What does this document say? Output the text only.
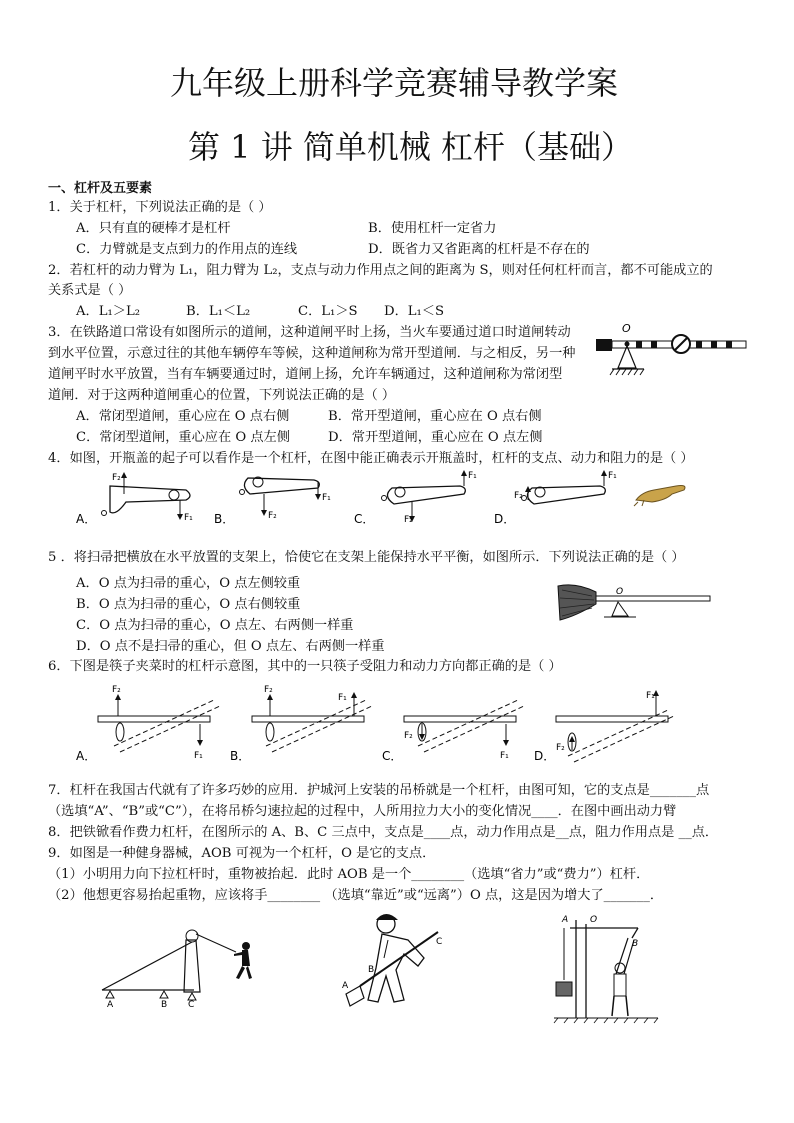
九年级上册科学竞赛辅导教学案
第 1 讲 简单机械 杠杆（基础）
一、杠杆及五要素
1．关于杠杆，下列说法正确的是（ ）
A．只有直的硬棒才是杠杆	B．使用杠杆一定省力
C．力臂就是支点到力的作用点的连线	D．既省力又省距离的杠杆是不存在的
2．若杠杆的动力臂为 L₁，阻力臂为 L₂，支点与动力作用点之间的距离为 S，则对任何杠杆而言，都不可能成立的
关系式是（ ）
A．L₁＞L₂	B．L₁＜L₂	C．L₁＞S D．L₁＜S
3．在铁路道口常设有如图所示的道闸，这种道闸平时上扬，当火车要通过道口时道闸转动
到水平位置，示意过往的其他车辆停车等候，这种道闸称为常开型道闸．与之相反，另一种
道闸平时水平放置，当有车辆要通过时，道闸上扬，允许车辆通过，这种道闸称为常闭型
道闸．对于这两种道闸重心的位置，下列说法正确的是（ ）
A．常闭型道闸，重心应在 O 点右侧	B．常开型道闸，重心应在 O 点右侧
C．常闭型道闸，重心应在 O 点左侧	D．常开型道闸，重心应在 O 点左侧
O
4．如图，开瓶盖的起子可以看作是一个杠杆，在图中能正确表示开瓶盖时，杠杆的支点、动力和阻力的是（ ）
A．
F₂
F₁ B．	F₂
F₁
C．	F₂
F₁
D．
F₂
F₁
5 ．将扫帚把横放在水平放置的支架上，恰使它在支架上能保持水平平衡，如图所示．下列说法正确的是（ ）
A．O 点为扫帚的重心，O 点左侧较重
B．O 点为扫帚的重心，O 点右侧较重
C．O 点为扫帚的重心，O 点左、右两侧一样重
D．O 点不是扫帚的重心，但 O 点左、右两侧一样重
O
6．下图是筷子夹菜时的杠杆示意图，其中的一只筷子受阻力和动力方向都正确的是（ ）
A．
F₂
F₁ B．
F₂
F₁
C．
F₂
F₁ D．
F₂
F₁
7．杠杆在我国古代就有了许多巧妙的应用．护城河上安装的吊桥就是一个杠杆，由图可知，它的支点是_______点
（选填“A”、“B”或“C”），在将吊桥匀速拉起的过程中，人所用拉力大小的变化情况____．在图中画出动力臂
8．把铁锨看作费力杠杆，在图所示的 A、B、C 三点中，支点是____点，动力作用点是__点，阻力作用点是 __点．
9．如图是一种健身器械，AOB 可视为一个杠杆，O 是它的支点．
（1）小明用力向下拉杠杆时，重物被抬起．此时 AOB 是一个________（选填“省力”或“费力”）杠杆．
（2）他想更容易抬起重物，应该将手________ （选填“靠近”或“远离”）O 点，这是因为增大了_______．
A	B C
A
B
C
A O
B
